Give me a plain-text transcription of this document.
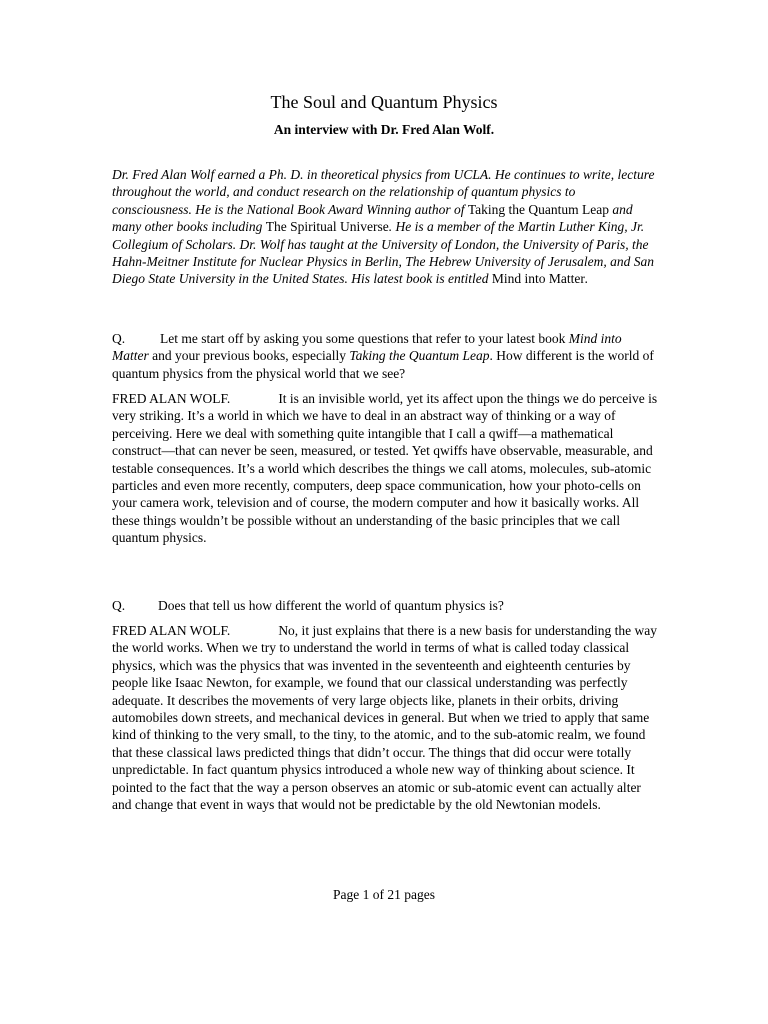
The Soul and Quantum Physics
An interview with Dr. Fred Alan Wolf.
Dr. Fred Alan Wolf earned a Ph. D. in theoretical physics from UCLA. He continues to write, lecture throughout the world, and conduct research on the relationship of quantum physics to consciousness. He is the National Book Award Winning author of Taking the Quantum Leap and many other books including The Spiritual Universe. He is a member of the Martin Luther King, Jr. Collegium of Scholars. Dr. Wolf has taught at the University of London, the University of Paris, the Hahn-Meitner Institute for Nuclear Physics in Berlin, The Hebrew University of Jerusalem, and San Diego State University in the United States. His latest book is entitled Mind into Matter.
Q.	Let me start off by asking you some questions that refer to your latest book Mind into Matter and your previous books, especially Taking the Quantum Leap. How different is the world of quantum physics from the physical world that we see?
FRED ALAN WOLF.	It is an invisible world, yet its affect upon the things we do perceive is very striking. It’s a world in which we have to deal in an abstract way of thinking or a way of perceiving. Here we deal with something quite intangible that I call a qwiff—a mathematical construct—that can never be seen, measured, or tested. Yet qwiffs have observable, measurable, and testable consequences. It’s a world which describes the things we call atoms, molecules, sub-atomic particles and even more recently, computers, deep space communication, how your photo-cells on your camera work, television and of course, the modern computer and how it basically works. All these things wouldn’t be possible without an understanding of the basic principles that we call quantum physics.
Q. Does that tell us how different the world of quantum physics is?
FRED ALAN WOLF.	No, it just explains that there is a new basis for understanding the way the world works. When we try to understand the world in terms of what is called today classical physics, which was the physics that was invented in the seventeenth and eighteenth centuries by people like Isaac Newton, for example, we found that our classical understanding was perfectly adequate. It describes the movements of very large objects like, planets in their orbits, driving automobiles down streets, and mechanical devices in general. But when we tried to apply that same kind of thinking to the very small, to the tiny, to the atomic, and to the sub-atomic realm, we found that these classical laws predicted things that didn’t occur. The things that did occur were totally unpredictable. In fact quantum physics introduced a whole new way of thinking about science. It pointed to the fact that the way a person observes an atomic or sub-atomic event can actually alter and change that event in ways that would not be predictable by the old Newtonian models.
Page 1 of 21 pages
